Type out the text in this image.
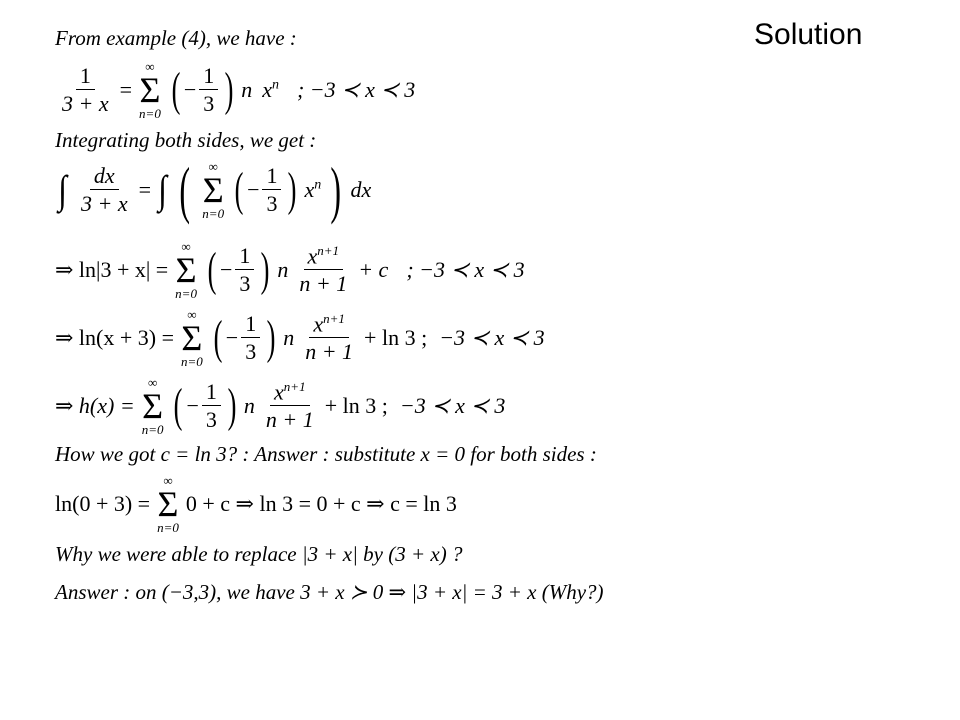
Solution
From example (4), we have :
$\frac{1}{3 + x}$ =
∞
Σ
n=0 ( − $\frac{1}{3}$ ) n $x^n$ ; −3 ≺ x ≺ 3
Integrating both sides, we get :
∫ $\frac{dx}{3 + x}$ = ∫ ( ∞
Σ
n=0 ( − $\frac{1}{3}$ ) $x^n$ ) dx
⇒ ln|3 + x| =
∞
Σ
n=0 ( − $\frac{1}{3}$ ) n $\frac{x^{n+1}}{n + 1} + c$ ; −3 ≺ x ≺ 3
⇒ ln(x + 3) =
∞
Σ
n=0 ( − $\frac{1}{3}$ ) n $\frac{x^{n+1}}{n + 1} + \ln 3$ ; −3 ≺ x ≺ 3
⇒ h(x) =
∞
Σ
n=0 ( − $\frac{1}{3}$ ) n $\frac{x^{n+1}}{n + 1} + \ln 3$ ; −3 ≺ x ≺ 3
How we got c = ln 3? : Answer : substitute x = 0 for both sides :
ln(0 + 3) =
∞
Σ
n=0
0 + c ⇒ ln 3 = 0 + c ⇒ c = ln 3
Why we were able to replace |3 + x| by (3 + x) ?
Answer : on (−3,3), we have 3 + x ≻ 0 ⇒ |3 + x| = 3 + x (Why?)
